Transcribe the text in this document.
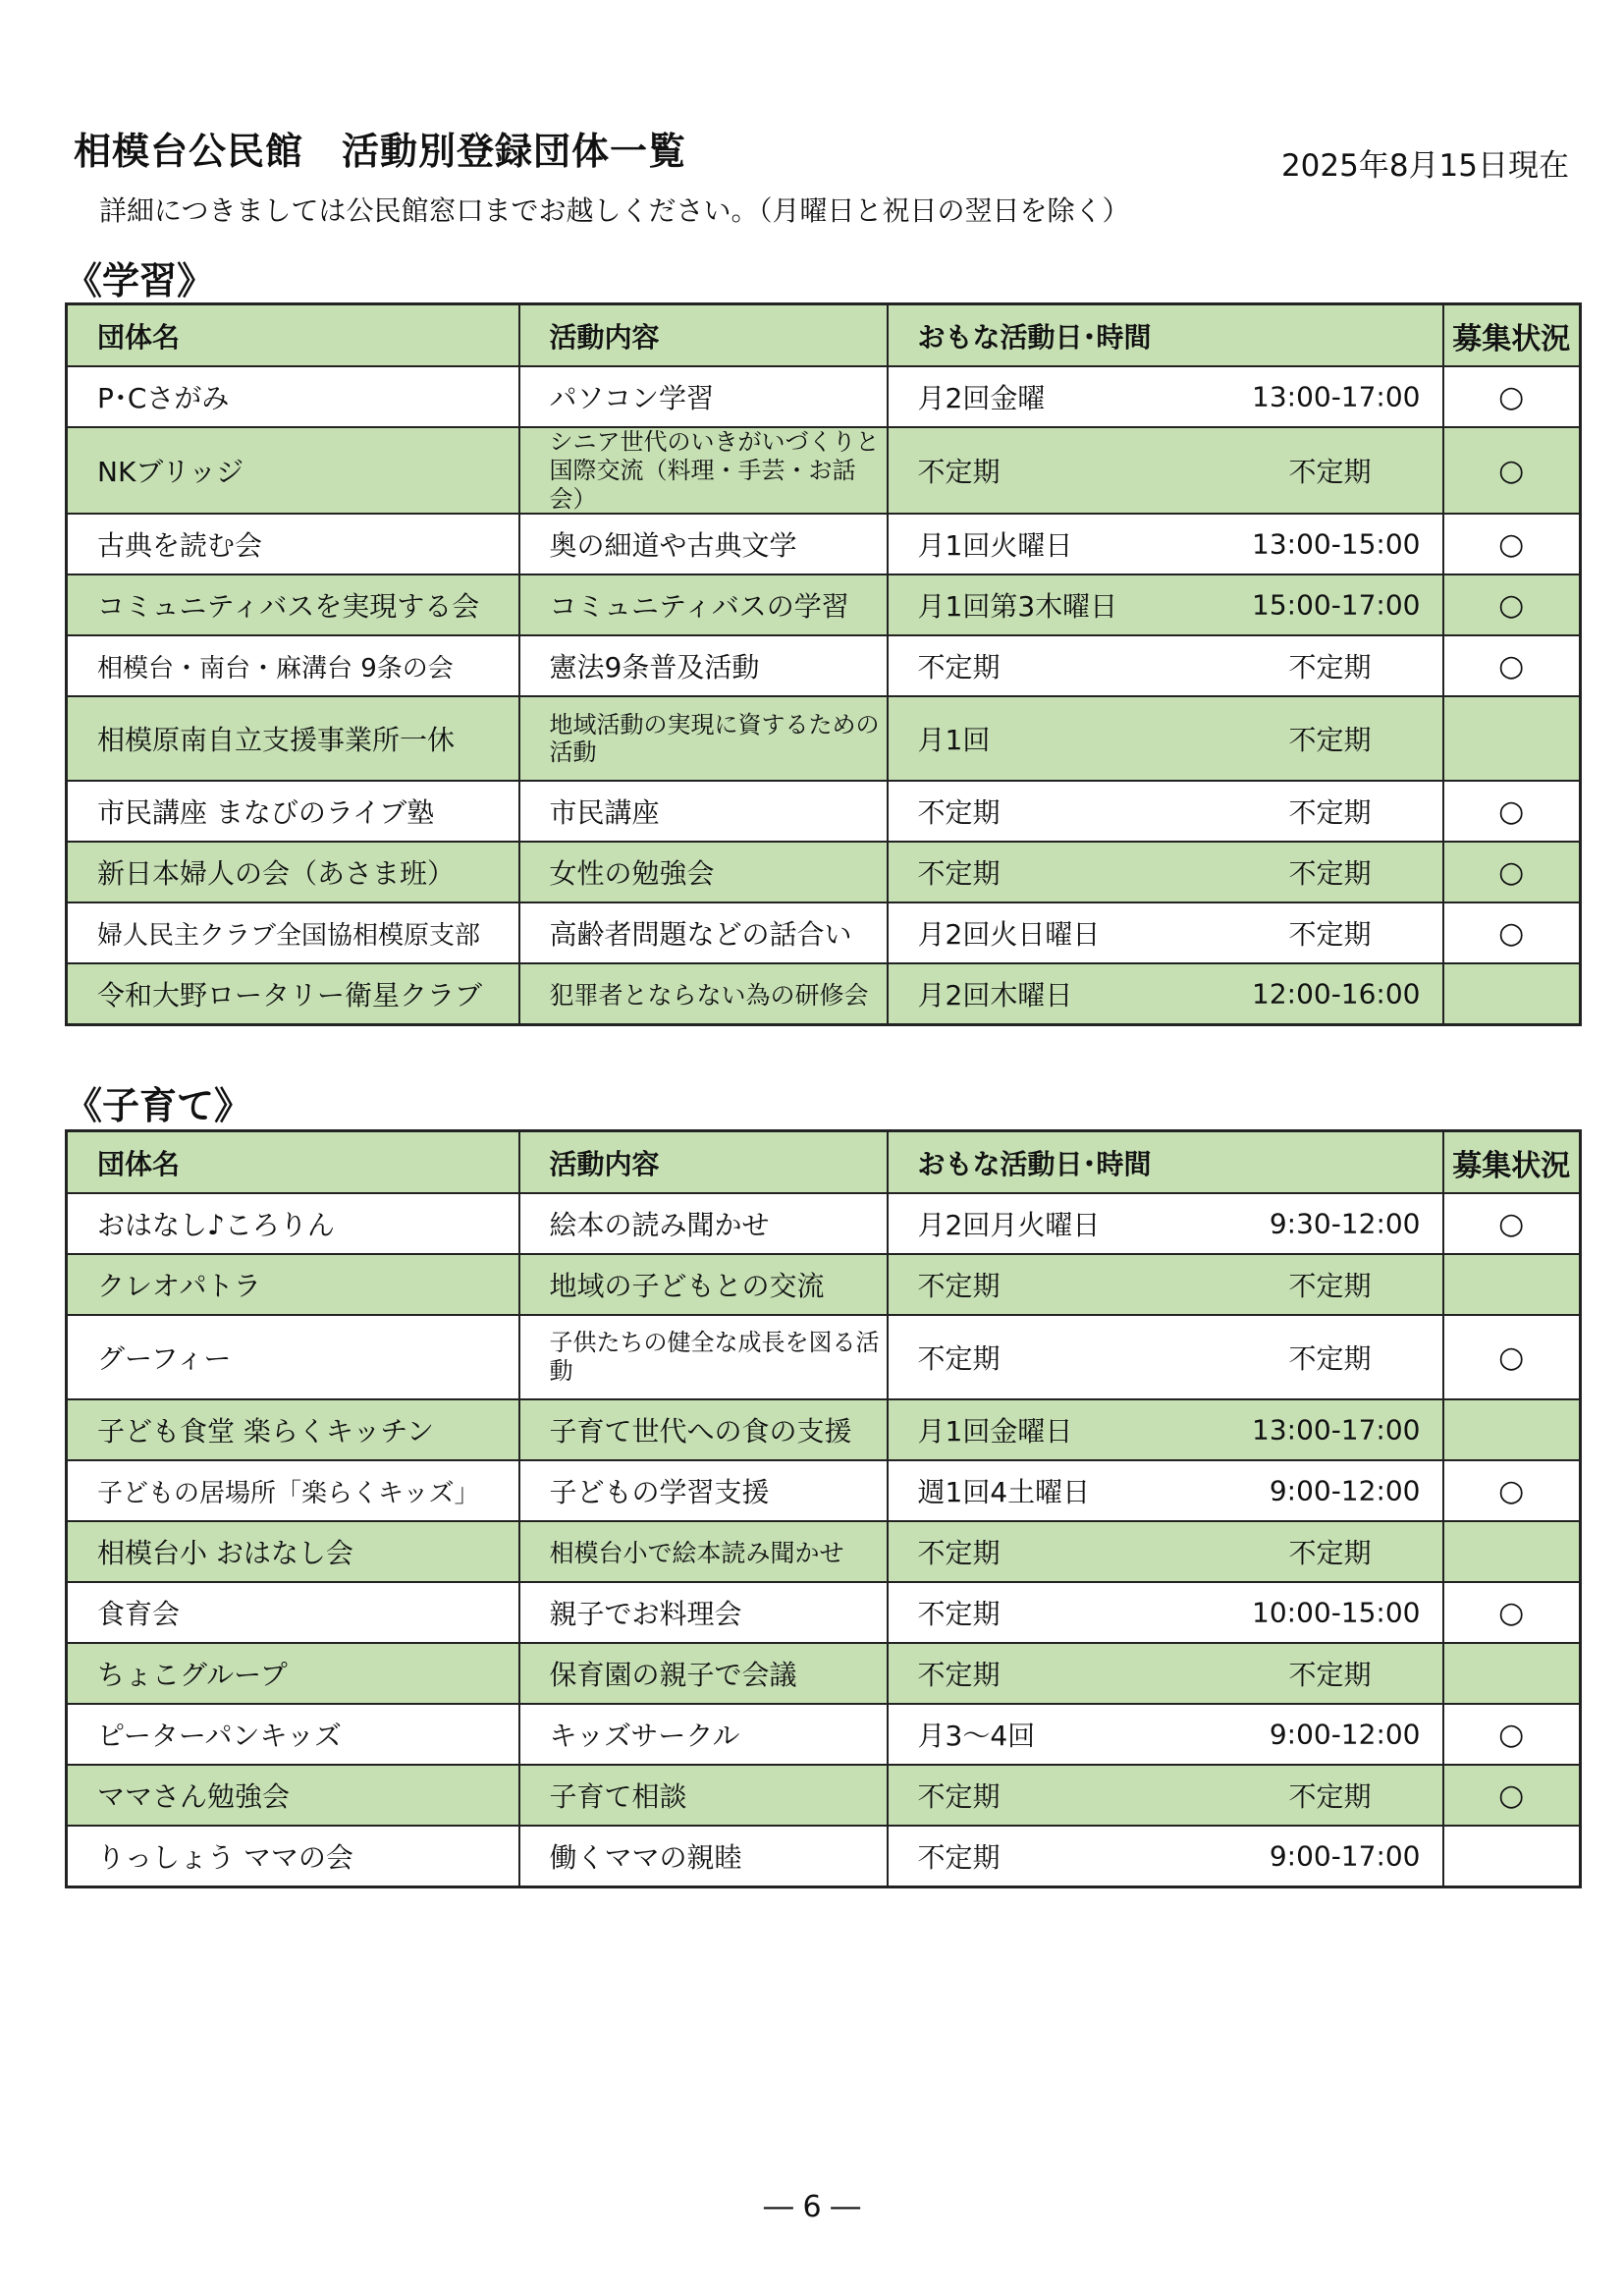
相模台公民館　活動別登録団体一覧	2025年8月15日現在
詳細につきましては公民館窓口までお越しください。（月曜日と祝日の翌日を除く）
《学習》
団体名	活動内容	おもな活動日･時間	募集状況
P･Cさがみ	パソコン学習	月2回金曜 13:00-17:00	○
NKブリッジ	シニア世代のいきがいづくりと国際交流（料理・手芸・お話会）	不定期 不定期	○
古典を読む会	奥の細道や古典文学	月1回火曜日 13:00-15:00	○
コミュニティバスを実現する会	コミュニティバスの学習	月1回第3木曜日 15:00-17:00	○
相模台・南台・麻溝台 9条の会	憲法9条普及活動	不定期 不定期	○
相模原南自立支援事業所一休	地域活動の実現に資するための活動	月1回 不定期	

市民講座 まなびのライブ塾	市民講座	不定期 不定期	○
新日本婦人の会（あさま班）	女性の勉強会	不定期 不定期	○
婦人民主クラブ全国協相模原支部	高齢者問題などの話合い	月2回火日曜日 不定期	○
令和大野ロータリー衛星クラブ	犯罪者とならない為の研修会	月2回木曜日 12:00-16:00	

《子育て》
団体名	活動内容	おもな活動日･時間	募集状況
おはなし♪ころりん	絵本の読み聞かせ	月2回月火曜日 9:30-12:00	○
クレオパトラ	地域の子どもとの交流	不定期 不定期	

グーフィー	子供たちの健全な成長を図る活動	不定期 不定期	○
子ども食堂 楽らくキッチン	子育て世代への食の支援	月1回金曜日 13:00-17:00	

子どもの居場所「楽らくキッズ」	子どもの学習支援	週1回4土曜日 9:00-12:00	○
相模台小 おはなし会	相模台小で絵本読み聞かせ	不定期 不定期	

食育会	親子でお料理会	不定期 10:00-15:00	○
ちょこグループ	保育園の親子で会議	不定期 不定期	

ピーターパンキッズ	キッズサークル	月3～4回 9:00-12:00	○
ママさん勉強会	子育て相談	不定期 不定期	○
りっしょう ママの会	働くママの親睦	不定期 9:00-17:00	

― 6 ―
